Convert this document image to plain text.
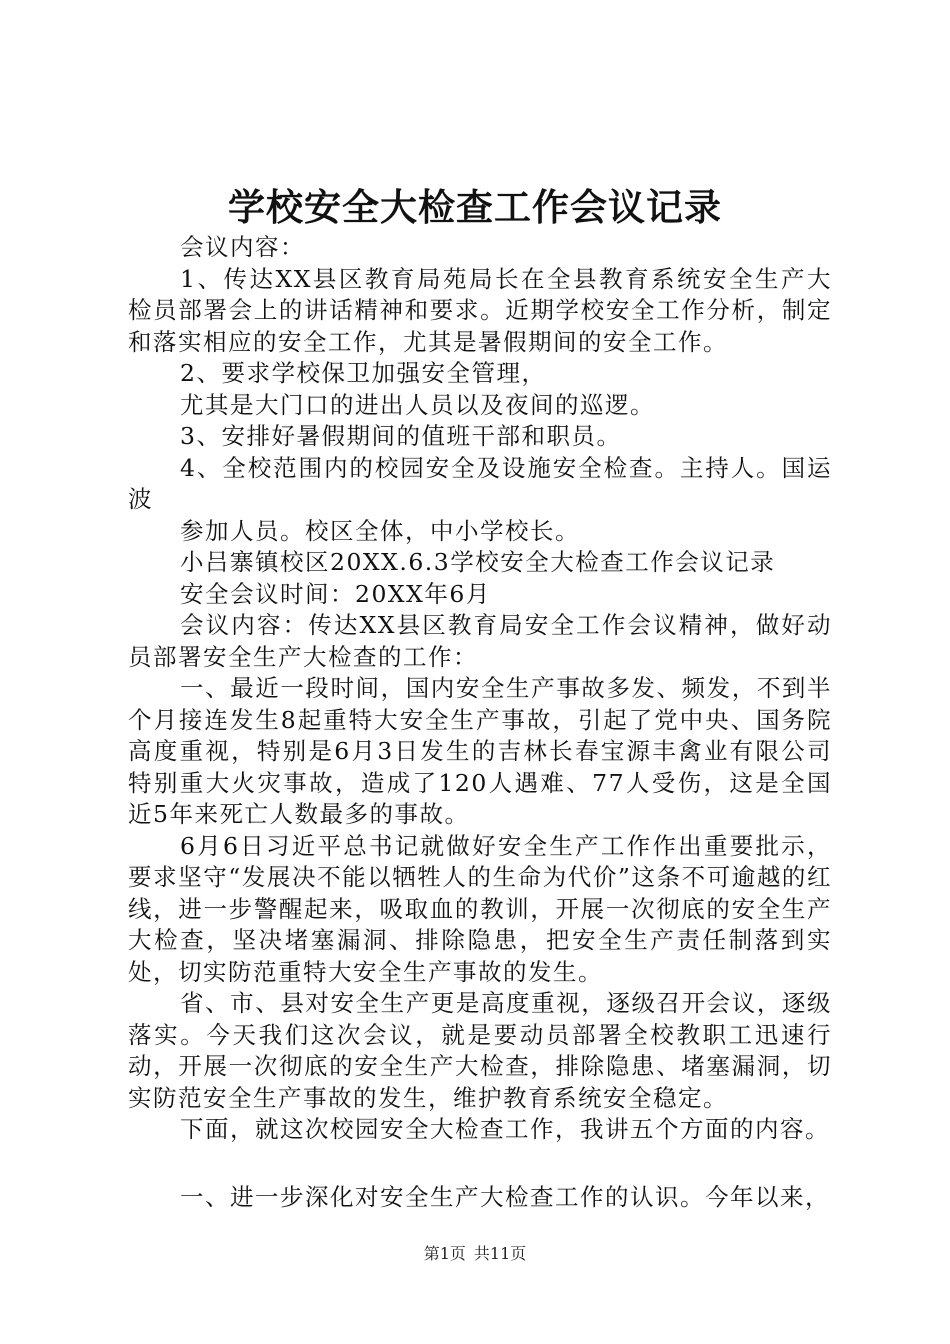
学校安全大检查工作会议记录

会议内容：

1、传达XX县区教育局苑局长在全县教育系统安全生产大检员部署会上的讲话精神和要求。近期学校安全工作分析，制定和落实相应的安全工作，尤其是暑假期间的安全工作。

2、要求学校保卫加强安全管理，

尤其是大门口的进出人员以及夜间的巡逻。

3、安排好暑假期间的值班干部和职员。

4、全校范围内的校园安全及设施安全检查。主持人。国运波

参加人员。校区全体，中小学校长。

小吕寨镇校区20XX.6.3学校安全大检查工作会议记录

安全会议时间：20XX年6月

会议内容：传达XX县区教育局安全工作会议精神，做好动员部署安全生产大检查的工作：

一、最近一段时间，国内安全生产事故多发、频发，不到半个月接连发生8起重特大安全生产事故，引起了党中央、国务院高度重视，特别是6月3日发生的吉林长春宝源丰禽业有限公司特别重大火灾事故，造成了120人遇难、77人受伤，这是全国近5年来死亡人数最多的事故。

6月6日习近平总书记就做好安全生产工作作出重要批示，要求坚守“发展决不能以牺牲人的生命为代价”这条不可逾越的红线，进一步警醒起来，吸取血的教训，开展一次彻底的安全生产大检查，坚决堵塞漏洞、排除隐患，把安全生产责任制落到实处，切实防范重特大安全生产事故的发生。

省、市、县对安全生产更是高度重视，逐级召开会议，逐级落实。今天我们这次会议，就是要动员部署全校教职工迅速行动，开展一次彻底的安全生产大检查，排除隐患、堵塞漏洞，切实防范安全生产事故的发生，维护教育系统安全稳定。

下面，就这次校园安全大检查工作，我讲五个方面的内容。

一、进一步深化对安全生产大检查工作的认识。今年以来，

第1页 共11页
